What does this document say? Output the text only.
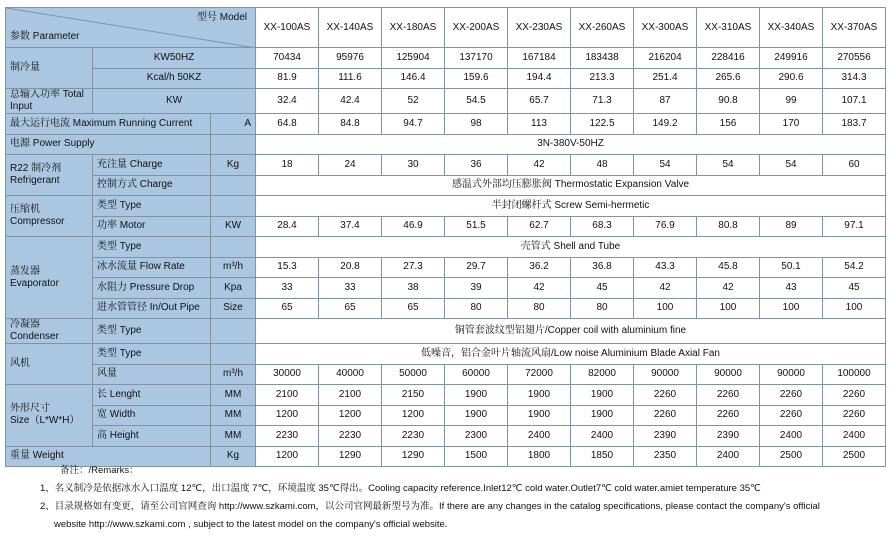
型号 Model
参数 Parameter			XX-100AS	XX-140AS	XX-180AS	XX-200AS	XX-230AS	XX-260AS	XX-300AS	XX-310AS	XX-340AS	XX-370AS
制冷量	KW50HZ		70434	95976	125904	137170	167184	183438	216204	228416	249916	270556
	Kcal/h 50KZ		81.9	111.6	146.4	159.6	194.4	213.3	251.4	265.6	290.6	314.3
总输入功率 Total Input	KW		32.4	42.4	52	54.5	65.7	71.3	87	90.8	99	107.1
最大运行电流 Maximum Running Current		A	64.8	84.8	94.7	98	113	122.5	149.2	156	170	183.7
电源 Power Supply			3N-380V-50HZ									
R22 制冷剂
Refrigerant	充注量 Charge	Kg	18	24	30	36	42	48	54	54	54	60
	控制方式 Charge		感温式外部均压膨胀阀 Thermostatic Expansion Valve									
压缩机
Compressor	类型 Type		半封闭螺杆式 Screw Semi-hermetic									
	功率 Motor	KW	28.4	37.4	46.9	51.5	62.7	68.3	76.9	80.8	89	97.1
蒸发器
Evaporator	类型 Type		壳管式 Shell and Tube									
	冰水流量 Flow Rate	m³/h	15.3	20.8	27.3	29.7	36.2	36.8	43.3	45.8	50.1	54.2
	水阻力 Pressure Drop	Kpa	33	33	38	39	42	45	42	42	43	45
	进水管管径 In/Out Pipe	Size	65	65	65	80	80	80	100	100	100	100
冷凝器 Condenser	类型 Type		铜管套波纹型铝翅片/Copper coil with aluminium fine									
风机	类型 Type		低噪音，铝合金叶片轴流风扇/Low noise Aluminium Blade Axial Fan									
	风量	m³/h	30000	40000	50000	60000	72000	82000	90000	90000	90000	100000
外形尺寸
Size（L*W*H）	长 Lenght	MM	2100	2100	2150	1900	1900	1900	2260	2260	2260	2260
	宽 Width	MM	1200	1200	1200	1900	1900	1900	2260	2260	2260	2260
	高 Height	MM	2230	2230	2230	2300	2400	2400	2390	2390	2400	2400
重量 Weight		Kg	1200	1290	1290	1500	1800	1850	2350	2400	2500	2500
备注：/Remarks：
1、名义制冷是依据冰水入口温度 12℃，出口温度 7℃，环境温度 35℃得出。Cooling capacity reference.Inlet12℃ cold water.Outlet7℃ cold water.amiet temperature 35℃
2、目录规格如有变更，请至公司官网查询 http://www.szkami.com，以公司官网最新型号为准。If there are any changes in the catalog specifications, please contact the company's official
website http://www.szkami.com , subject to the latest model on the company's official website.
